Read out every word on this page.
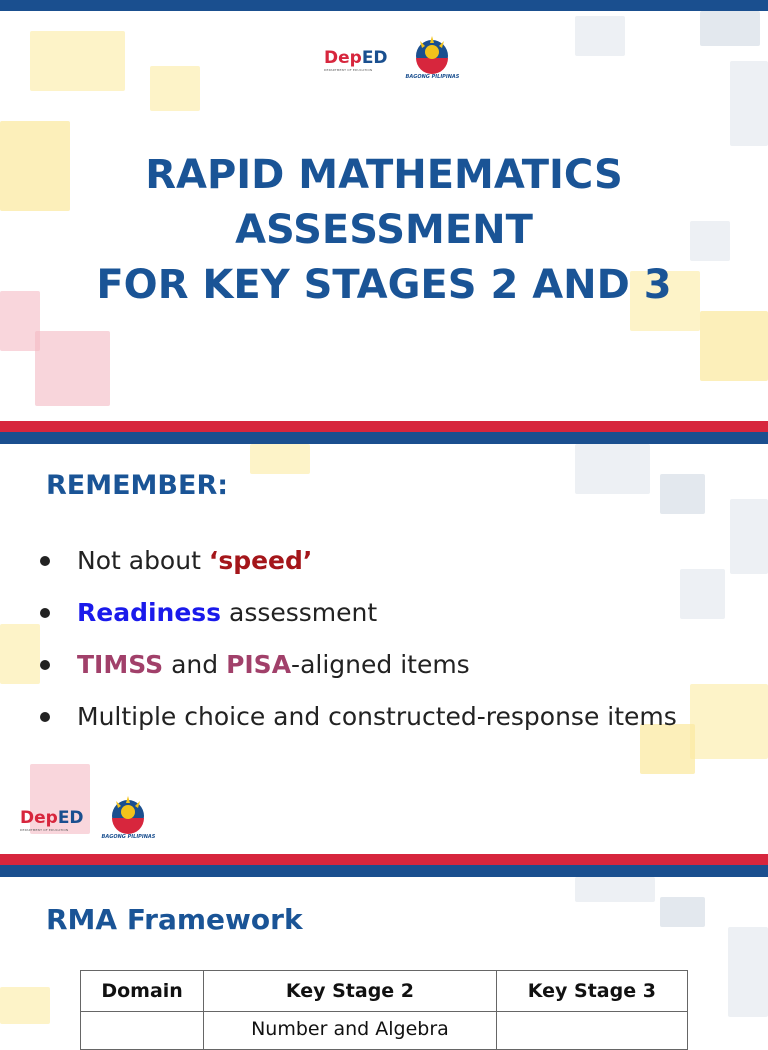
DepED
DEPARTMENT OF EDUCATION
BAGONG PILIPINAS
RAPID MATHEMATICS
ASSESSMENT
FOR KEY STAGES 2 AND 3
REMEMBER:
Not about ‘speed’
Readiness assessment
TIMSS and PISA-aligned items
Multiple choice and constructed-response items
DepED
DEPARTMENT OF EDUCATION
BAGONG PILIPINAS
RMA Framework
Domain	Key Stage 2	Key Stage 3
	Number and Algebra	
